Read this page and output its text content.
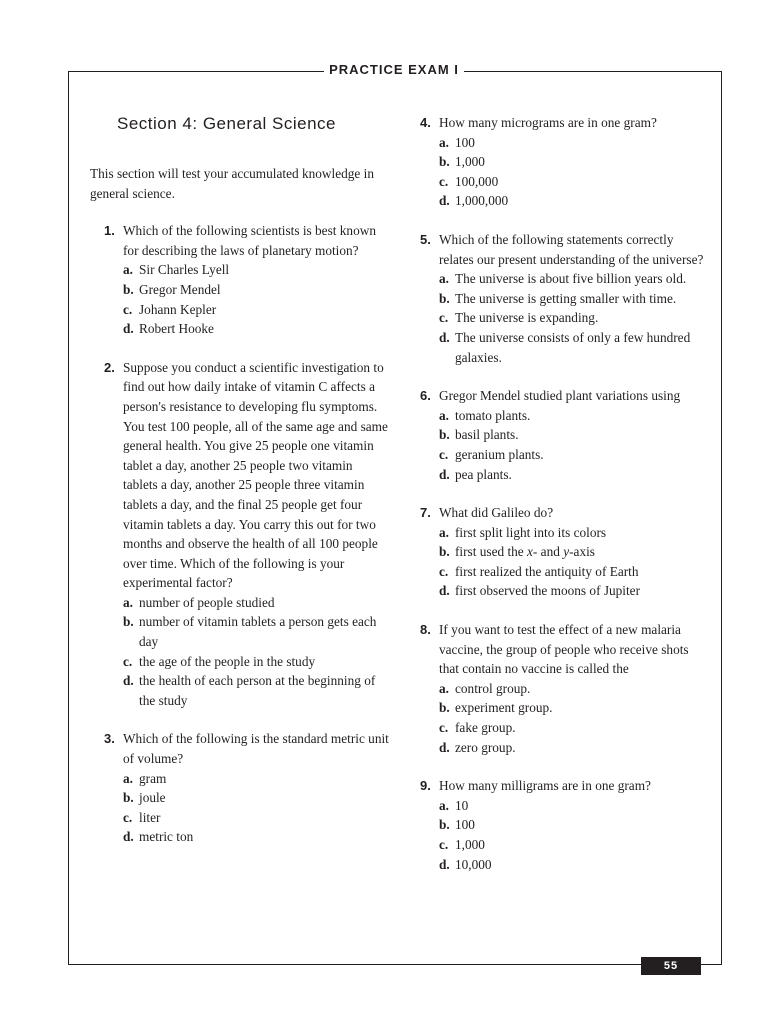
PRACTICE EXAM I
Section 4: General Science
This section will test your accumulated knowledge in general science.
1. Which of the following scientists is best known for describing the laws of planetary motion?
a. Sir Charles Lyell
b. Gregor Mendel
c. Johann Kepler
d. Robert Hooke
2. Suppose you conduct a scientific investigation to find out how daily intake of vitamin C affects a person's resistance to developing flu symptoms. You test 100 people, all of the same age and same general health. You give 25 people one vitamin tablet a day, another 25 people two vitamin tablets a day, another 25 people three vitamin tablets a day, and the final 25 people get four vitamin tablets a day. You carry this out for two months and observe the health of all 100 people over time. Which of the following is your experimental factor?
a. number of people studied
b. number of vitamin tablets a person gets each day
c. the age of the people in the study
d. the health of each person at the beginning of the study
3. Which of the following is the standard metric unit of volume?
a. gram
b. joule
c. liter
d. metric ton
4. How many micrograms are in one gram?
a. 100
b. 1,000
c. 100,000
d. 1,000,000
5. Which of the following statements correctly relates our present understanding of the universe?
a. The universe is about five billion years old.
b. The universe is getting smaller with time.
c. The universe is expanding.
d. The universe consists of only a few hundred galaxies.
6. Gregor Mendel studied plant variations using
a. tomato plants.
b. basil plants.
c. geranium plants.
d. pea plants.
7. What did Galileo do?
a. first split light into its colors
b. first used the x- and y-axis
c. first realized the antiquity of Earth
d. first observed the moons of Jupiter
8. If you want to test the effect of a new malaria vaccine, the group of people who receive shots that contain no vaccine is called the
a. control group.
b. experiment group.
c. fake group.
d. zero group.
9. How many milligrams are in one gram?
a. 10
b. 100
c. 1,000
d. 10,000
55
